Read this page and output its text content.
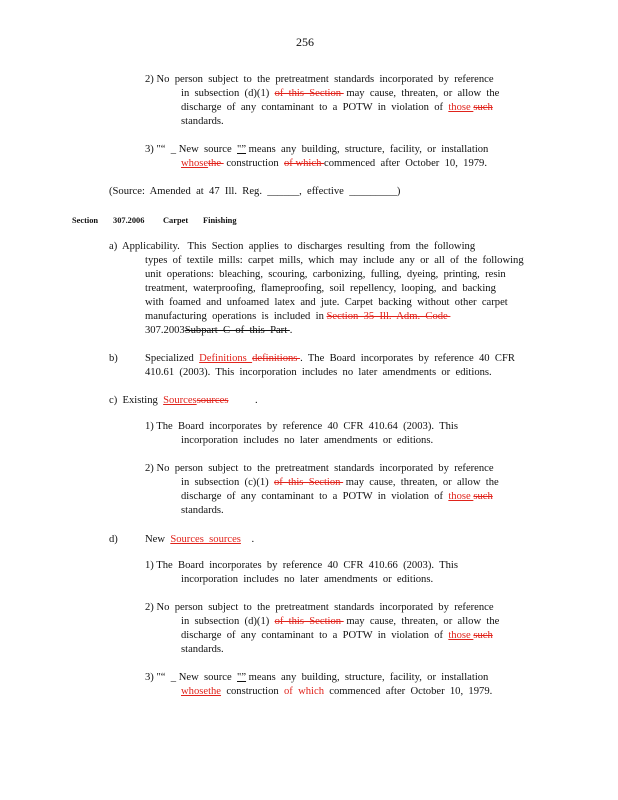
256
2) No  person  subject  to  the  pretreatment  standards  incorporated  by  reference
in  subsection  (d)(1)  of  this  Section  may  cause,  threaten,  or  allow  the
discharge  of  any  contaminant  to  a  POTW  in  violation  of  those such
standards.
3) "“  _ New  source  "” means  any  building,  structure,  facility,  or  installation
whosethe  construction  of which commenced  after  October  10,  1979.
(Source:  Amended  at  47  Ill.  Reg.  ______,  effective  _________)
Section 307.2006 Carpet Finishing
a)  Applicability.   This  Section  applies  to  discharges  resulting  from  the  following
types  of  textile  mills:  carpet  mills,  which  may  include  any  or  all  of  the  following
unit  operations:  bleaching,  scouring,  carbonizing,  fulling,  dyeing,  printing,  resin
treatment,  waterproofing,  flameproofing,  soil  repellency,  looping,  and  backing
with  foamed  and  unfoamed  latex  and  jute.  Carpet  backing  without  other  carpet
manufacturing  operations  is  included  in Section  35  Ill.  Adm.  Code
307.2003Subpart  C  of  this  Part .
b)	Specialized  Definitions  definitions .  The  Board  incorporates  by  reference  40  CFR
410.61  (2003).  This  incorporation  includes  no  later  amendments  or  editions.
c)  Existing  Sourcessources          .
1) The  Board  incorporates  by  reference  40  CFR  410.64  (2003).  This
incorporation  includes  no  later  amendments  or  editions.
2) No  person  subject  to  the  pretreatment  standards  incorporated  by  reference
in  subsection  (c)(1)  of  this  Section  may  cause,  threaten,  or  allow  the
discharge  of  any  contaminant  to  a  POTW  in  violation  of  those such
standards.
d)	New  Sources  sources    .
1) The  Board  incorporates  by  reference  40  CFR  410.66  (2003).  This
incorporation  includes  no  later  amendments  or  editions.
2) No  person  subject  to  the  pretreatment  standards  incorporated  by  reference
in  subsection  (d)(1)  of  this  Section  may  cause,  threaten,  or  allow  the
discharge  of  any  contaminant  to  a  POTW  in  violation  of  those such
standards.
3) "“  _ New  source  "” means  any  building,  structure,  facility,  or  installation
whosethe  construction  of  which  commenced  after  October  10,  1979.
